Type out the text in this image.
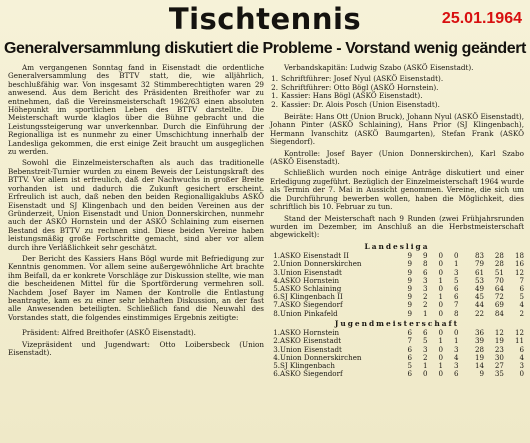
Tischtennis	25.01.1964
Generalversammlung diskutiert die Probleme - Vorstand wenig geändert

Am vergangenen Sonntag fand in Eisenstadt die ordentliche Generalversammlung des BTTV statt, die, wie alljährlich, beschlußfähig war. Von insgesamt 32 Stimmberechtigten waren 29 anwesend. Aus dem Bericht des Präsidenten Breithofer war zu entnehmen, daß die Vereinsmeisterschaft 1962/63 einen absoluten Höhepunkt im sportlichen Leben des BTTV darstellte. Die Meisterschaft wurde klaglos über die Bühne gebracht und die Leistungssteigerung war unverkennbar. Durch die Einführung der Regionalliga ist es nunmehr zu einer Umschichtung innerhalb der Landesliga gekommen, die erst einige Zeit braucht um ausgeglichen zu werden.

Sowohl die Einzelmeisterschaften als auch das traditionelle Bebenstreit-Turnier wurden zu einem Beweis der Leistungskraft des BTTV. Vor allem ist erfreulich, daß der Nachwuchs in großer Breite vorhanden ist und dadurch die Zukunft gesichert erscheint. Erfreulich ist auch, daß neben den beiden Regionalligaklubs ASKÖ Eisenstadt und SJ Klingenbach und den beiden Vereinen aus der Gründerzeit, Union Eisenstadt und Union Donnerskirchen, nunmehr auch der ASKÖ Hornstein und der ASKÖ Schlaining zum eisernen Bestand des BTTV zu rechnen sind. Diese beiden Vereine haben leistungsmäßig große Fortschritte gemacht, sind aber vor allem durch ihre Verläßlichkeit sehr geschätzt.

Der Bericht des Kassiers Hans Bögl wurde mit Befriedigung zur Kenntnis genommen. Vor allem seine außergewöhnliche Art brachte ihm Beifall, da er konkrete Vorschläge zur Diskussion stellte, wie man die bescheidenen Mittel für die Sportförderung vermehren soll. Nachdem Josef Bayer im Namen der Kontrolle die Entlastung beantragte, kam es zu einer sehr lebhaften Diskussion, an der fast alle Anwesenden beteiligten. Schließlich fand die Neuwahl des Vorstandes statt, die folgendes einstimmiges Ergebnis zeitigte:

Präsident: Alfred Breithofer (ASKÖ Eisenstadt).

Vizepräsident und Jugendwart: Otto Loibersbeck (Union Eisenstadt).

Verbandskapitän: Ludwig Szabo (ASKÖ Eisenstadt).

1. Schriftführer: Josef Nyul (ASKÖ Eisenstadt).
2. Schriftführer: Otto Bögl (ASKÖ Hornstein).
1. Kassier: Hans Bögl (ASKÖ Eisenstadt).
2. Kassier: Dr. Alois Posch (Union Eisenstadt).

Beiräte: Hans Ott (Union Bruck), Johann Nyul (ASKÖ Eisenstadt), Johann Pinter (ASKÖ Schlaining), Hans Prior (SJ Klingenbach), Hermann Ivanschitz (ASKÖ Baumgarten), Stefan Frank (ASKÖ Siegendorf).

Kontrolle: Josef Bayer (Union Donnerskirchen), Karl Szabo (ASKÖ Eisenstadt).

Schließlich wurden noch einige Anträge diskutiert und einer Erledigung zugeführt. Bezüglich der Einzelmeisterschaft 1964 wurde als Termin der 7. Mai in Aussicht genommen. Vereine, die sich um die Durchführung bewerben wollen, haben die Möglichkeit, dies schriftlich bis 10. Februar zu tun.

Stand der Meisterschaft nach 9 Runden (zwei Frühjahrsrunden wurden im Dezember, im Anschluß an die Herbstmeisterschaft abgewickelt):

Landesliga
1.	ASKÖ Eisenstadt II	9	9	0	0	83	28	18
2.	Union Donnerskirchen	9	8	0	1	79	28	16
3.	Union Eisenstadt	9	6	0	3	61	51	12
4.	ASKÖ Hornstein	9	3	1	5	53	70	7
5.	ASKÖ Schlaining	9	3	0	6	49	64	6
6.	SJ Klingenbach II	9	2	1	6	45	72	5
7.	ASKÖ Siegendorf	9	2	0	7	44	69	4
8.	Union Pinkafeld	9	1	0	8	22	84	2
Jugendmeisterschaft
1.	ASKÖ Hornstein	6	6	0	0	36	12	12
2.	ASKÖ Eisenstadt	7	5	1	1	39	19	11
3.	Union Eisenstadt	6	3	0	3	28	23	6
4.	Union Donnerskirchen	6	2	0	4	19	30	4
5.	SJ Klingenbach	5	1	1	3	14	27	3
6.	ASKÖ Siegendorf	6	0	0	6	9	35	0
